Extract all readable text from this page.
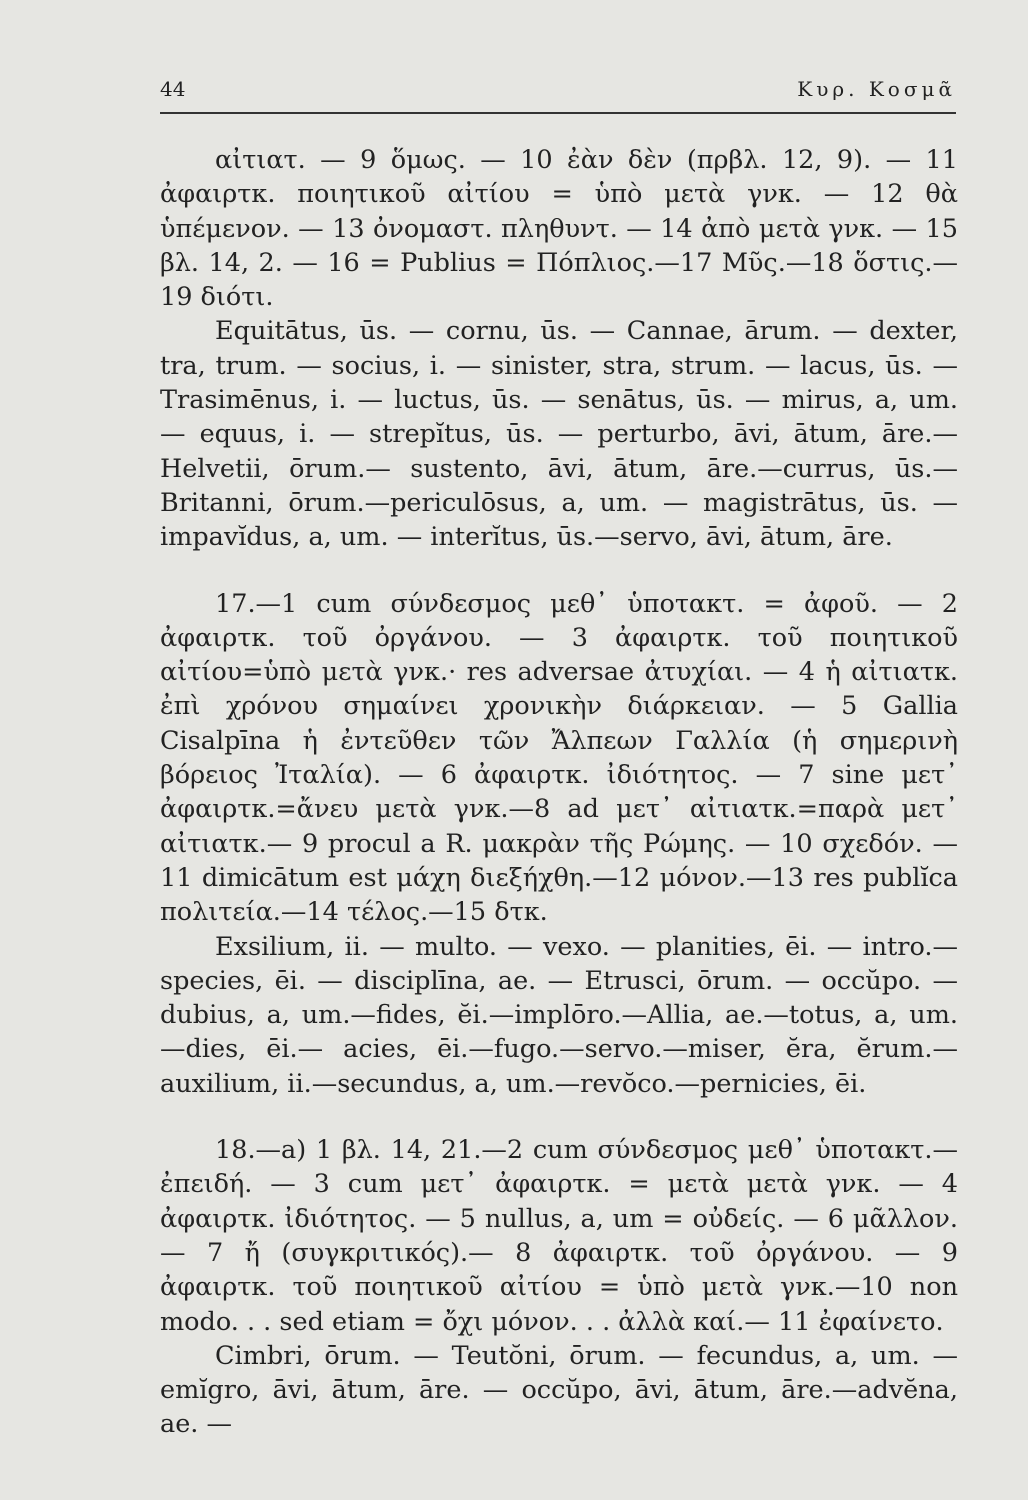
44	Κυρ. Κοσμᾶ

αἰτιατ. — 9 ὅμως. — 10 ἐὰν δὲν (πρβλ. 12, 9). — 11 ἀφαιρτκ. ποιητικοῦ αἰτίου = ὑπὸ μετὰ γνκ. — 12 θὰ ὑπέμενον. — 13 ὀνομαστ. πληθυντ. — 14 ἀπὸ μετὰ γνκ. — 15 βλ. 14, 2. — 16 = Publius = Πόπλιος.—17 Μῦς.—18 ὅστις.—19 διότι.

Equitātus, ūs. — cornu, ūs. — Cannae, ārum. — dexter, tra, trum. — socius, i. — sinister, stra, strum. — lacus, ūs. — Trasimēnus, i. — luctus, ūs. — senātus, ūs. — mirus, a, um. — equus, i. — strepĭtus, ūs. — perturbo, āvi, ātum, āre.—Helvetii, ōrum.— sustento, āvi, ātum, āre.—currus, ūs.—Britanni, ōrum.—periculōsus, a, um. — magistrātus, ūs. — impavĭdus, a, um. — interĭtus, ūs.—servo, āvi, ātum, āre.

17.—1 cum σύνδεσμος μεθ᾽ ὑποτακτ. = ἀφοῦ. — 2 ἀφαιρτκ. τοῦ ὀργάνου. — 3 ἀφαιρτκ. τοῦ ποιητικοῦ αἰτίου=ὑπὸ μετὰ γνκ.· res adversae ἀτυχίαι. — 4 ἡ αἰτιατκ. ἐπὶ χρόνου σημαίνει χρονικὴν διάρκειαν. — 5 Gallia Cisalpīna ἡ ἐντεῦθεν τῶν Ἄλπεων Γαλλία (ἡ σημερινὴ βόρειος Ἰταλία). — 6 ἀφαιρτκ. ἰδιότητος. — 7 sine μετ᾽ ἀφαιρτκ.=ἄνευ μετὰ γνκ.—8 ad μετ᾽ αἰτιατκ.=παρὰ μετ᾽ αἰτιατκ.— 9 procul a R. μακρὰν τῆς Ρώμης. — 10 σχεδόν. — 11 dimicātum est μάχη διεξήχθη.—12 μόνον.—13 res publĭca πολιτεία.—14 τέλος.—15 δτκ.

Exsilium, ii. — multo. — vexo. — planities, ēi. — intro.—species, ēi. — disciplīna, ae. — Etrusci, ōrum. — occŭpo. — dubius, a, um.—fides, ĕi.—implōro.—Allia, ae.—totus, a, um.—dies, ēi.— acies, ēi.—fugo.—servo.—miser, ĕra, ĕrum.—auxilium, ii.—secundus, a, um.—revŏco.—pernicies, ēi.

18.—a) 1 βλ. 14, 21.—2 cum σύνδεσμος μεθ᾽ ὑποτακτ.—ἐπειδή. — 3 cum μετ᾽ ἀφαιρτκ. = μετὰ μετὰ γνκ. — 4 ἀφαιρτκ. ἰδιότητος. — 5 nullus, a, um = οὐδείς. — 6 μᾶλλον.— 7 ἤ (συγκριτικός).— 8 ἀφαιρτκ. τοῦ ὀργάνου. — 9 ἀφαιρτκ. τοῦ ποιητικοῦ αἰτίου = ὑπὸ μετὰ γνκ.—10 non modo. . . sed etiam = ὄχι μόνον. . . ἀλλὰ καί.— 11 ἐφαίνετο.

Cimbri, ōrum. — Teutŏni, ōrum. — fecundus, a, um. — emĭgro, āvi, ātum, āre. — occŭpo, āvi, ātum, āre.—advĕna, ae. —
